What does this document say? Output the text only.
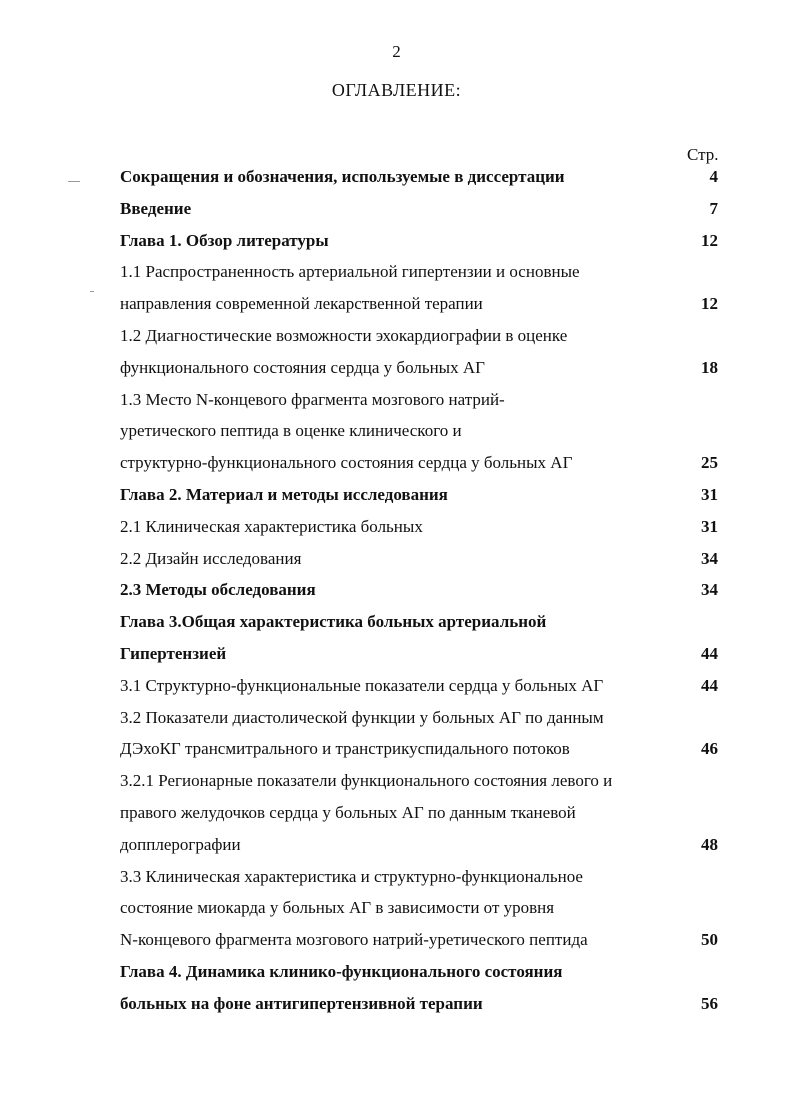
2
ОГЛАВЛЕНИЕ:
Стр.
Сокращения и обозначения, используемые в диссертации	4
Введение	7
Глава 1. Обзор литературы	12
1.1 Распространенность артериальной гипертензии и основные
направления современной лекарственной терапии	12
1.2 Диагностические возможности эхокардиографии в оценке
функционального состояния сердца у больных АГ	18
1.3 Место N-концевого фрагмента мозгового натрий-
уретического пептида в оценке клинического и
структурно-функционального состояния сердца у больных АГ	25
Глава 2. Материал и методы исследования	31
2.1 Клиническая характеристика больных	31
2.2 Дизайн исследования	34
2.3 Методы обследования	34
Глава 3.Общая характеристика больных артериальной
Гипертензией	44
3.1 Структурно-функциональные показатели сердца у больных АГ	44
3.2 Показатели диастолической функции у больных АГ по данным
ДЭхоКГ трансмитрального и транстрикуспидального потоков	46
3.2.1 Регионарные показатели функционального состояния левого и
правого желудочков сердца у больных АГ по данным тканевой
допплерографии	48
3.3 Клиническая характеристика и структурно-функциональное
состояние миокарда у больных АГ в зависимости от уровня
N-концевого фрагмента мозгового натрий-уретического пептида	50
Глава 4. Динамика клинико-функционального состояния
больных на фоне антигипертензивной терапии	56
